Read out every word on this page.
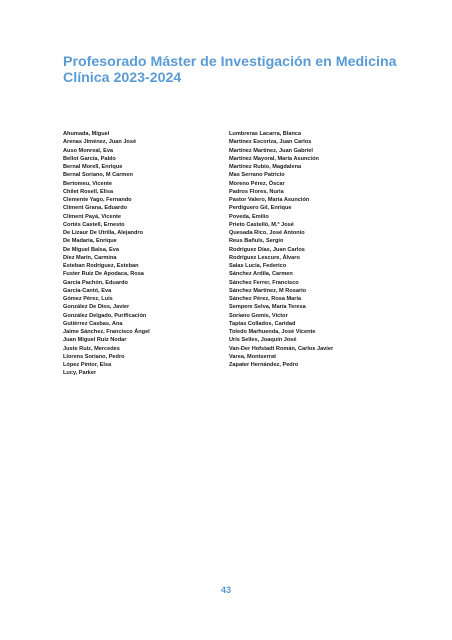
Profesorado Máster de Investigación en Medicina
Clínica 2023-2024
Ahumada, Miguel
Arenas Jiménez, Juan José
Auso Monreal, Eva
Bellot García, Pablo
Bernal Morell, Enrique
Bernal Soriano, M Carmen
Bertomeu, Vicente
Chilet Rosell, Elisa
Clemente Yago, Fernando
Climent Grana, Eduardo
Climent Payá, Vicente
Cortés Castell, Ernesto
De Lizaur De Utrilla, Alejandro
De Madaria, Enrique
De Miguel Balsa, Eva
Díez Marín, Carmina
Esteban Rodríguez, Esteban
Fuster Ruiz De Apodaca, Rosa
García Pachón, Eduardo
García-Cantó, Eva
Gómez Pérez, Luis
González De Dios, Javier
González Delgado, Purificación
Gutiérrez Casbas, Ana
Jaime Sánchez, Francisco Ángel
Juan Miguel Ruiz Nodar
Juste Ruiz, Mercedes
Llorens Soriano, Pedro
López Pintor, Elsa
Lucy, Parker
Lumbreras Lacarra, Blanca
Martínez Escoriza, Juan Carlos
Martínez Martínez, Juan Gabriel
Martínez Mayoral, María Asunción
Martínez Rubio, Magdalena
Mas Serrano Patricio
Moreno Pérez, Óscar
Padros Flores, Nuria
Pastor Valero, María Asunción
Perdiguero Gil, Enrique
Poveda, Emilio
Prieto Castelló, M.ª José
Quesada Rico, José Antonio
Reus Bañuls, Sergio
Rodríguez Días, Juan Carlos
Rodríguez Lescure, Álvaro
Salas Lucia, Federico
Sánchez Ardila, Carmen
Sánchez Ferrer, Francisco
Sánchez Martínez, M Rosario
Sánchez Pérez, Rosa María
Sempere Selva, María Teresa
Soriano Gomis, Víctor
Tapias Collados, Caridad
Toledo Marhuenda, José Vicente
Uris Selles, Joaquín José
Van-Der Hofstadt Román, Carlos Javier
Varea, Montserrat
Zapater Hernández, Pedro
43
